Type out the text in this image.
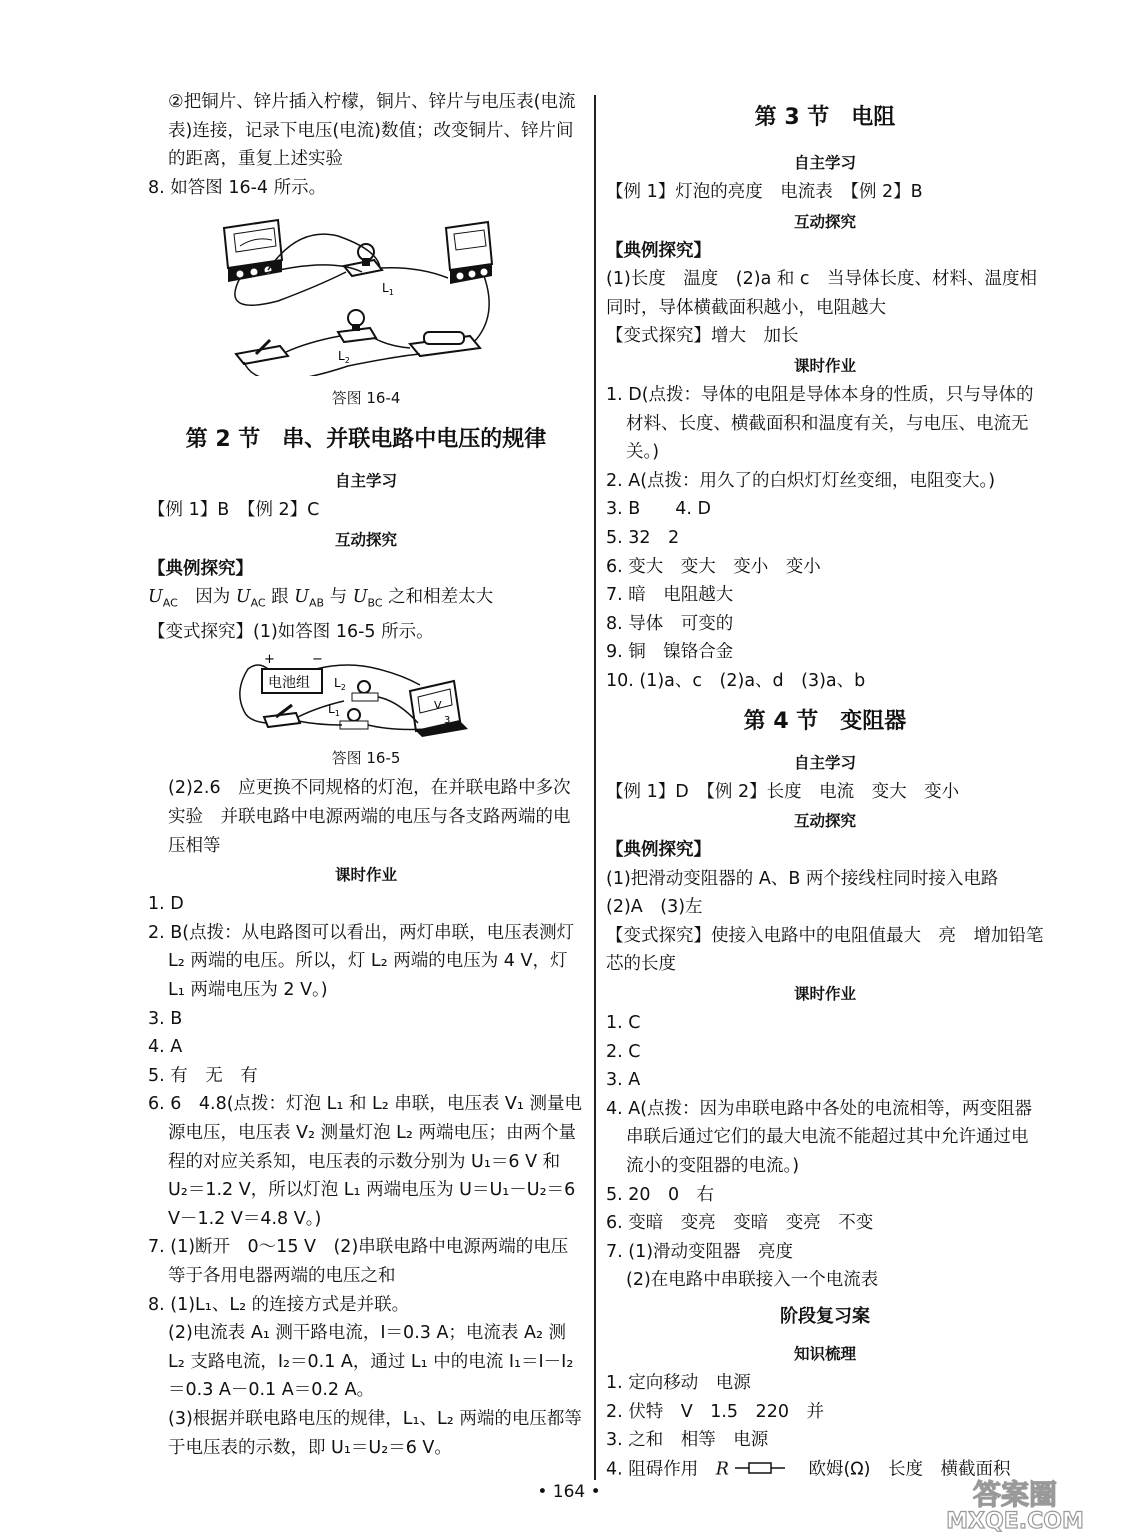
②把铜片、锌片插入柠檬，铜片、锌片与电压表(电流表)连接，记录下电压(电流)数值；改变铜片、锌片间的距离，重复上述实验

8. 如答图 16-4 所示。

$L_1$
$L_2$

答图 16-4

第 2 节　串、并联电路中电压的规律

自主学习

【例 1】B　【例 2】C

互动探究

【典例探究】

$U_{AC}$　因为 $U_{AC}$ 跟 $U_{AB}$ 与 $U_{BC}$ 之和相差太大

【变式探究】(1)如答图 16-5 所示。

+	−
电池组 $L_2$
$L_1$
V
3

答图 16-5

(2)2.6　应更换不同规格的灯泡，在并联电路中多次实验　并联电路中电源两端的电压与各支路两端的电压相等

课时作业

1. D

2. B(点拨：从电路图可以看出，两灯串联，电压表测灯 L₂ 两端的电压。所以，灯 L₂ 两端的电压为 4 V，灯 L₁ 两端电压为 2 V。)

3. B

4. A

5. 有　无　有

6. 6　4.8(点拨：灯泡 L₁ 和 L₂ 串联，电压表 V₁ 测量电源电压，电压表 V₂ 测量灯泡 L₂ 两端电压；由两个量程的对应关系知，电压表的示数分别为 U₁＝6 V 和 U₂＝1.2 V，所以灯泡 L₁ 两端电压为 U＝U₁－U₂＝6 V－1.2 V＝4.8 V。)

7. (1)断开　0～15 V　(2)串联电路中电源两端的电压等于各用电器两端的电压之和

8. (1)L₁、L₂ 的连接方式是并联。

(2)电流表 A₁ 测干路电流，I＝0.3 A；电流表 A₂ 测 L₂ 支路电流，I₂＝0.1 A，通过 L₁ 中的电流 I₁＝I－I₂＝0.3 A－0.1 A＝0.2 A。

(3)根据并联电路电压的规律，L₁、L₂ 两端的电压都等于电压表的示数，即 U₁＝U₂＝6 V。

第 3 节　电阻

自主学习

【例 1】灯泡的亮度　电流表　【例 2】B

互动探究

【典例探究】

(1)长度　温度　(2)a 和 c　当导体长度、材料、温度相同时，导体横截面积越小，电阻越大

【变式探究】增大　加长

课时作业

1. D(点拨：导体的电阻是导体本身的性质，只与导体的材料、长度、横截面积和温度有关，与电压、电流无关。)

2. A(点拨：用久了的白炽灯灯丝变细，电阻变大。)

3. B　　4. D

5. 32　2

6. 变大　变大　变小　变小

7. 暗　电阻越大

8. 导体　可变的

9. 铜　镍铬合金

10. (1)a、c　(2)a、d　(3)a、b

第 4 节　变阻器

自主学习

【例 1】D　【例 2】长度　电流　变大　变小

互动探究

【典例探究】

(1)把滑动变阻器的 A、B 两个接线柱同时接入电路

(2)A　(3)左

【变式探究】使接入电路中的电阻值最大　亮　增加铅笔芯的长度

课时作业

1. C

2. C

3. A

4. A(点拨：因为串联电路中各处的电流相等，两变阻器串联后通过它们的最大电流不能超过其中允许通过电流小的变阻器的电流。)

5. 20　0　右

6. 变暗　变亮　变暗　变亮　不变

7. (1)滑动变阻器　亮度

(2)在电路中串联接入一个电流表

阶段复习案

知识梳理

1. 定向移动　电源

2. 伏特　V　1.5　220　并

3. 之和　相等　电源

4. 阻碍作用　R	　欧姆(Ω)　长度　横截面积

• 164 •	答案圈
MXQE.COM
